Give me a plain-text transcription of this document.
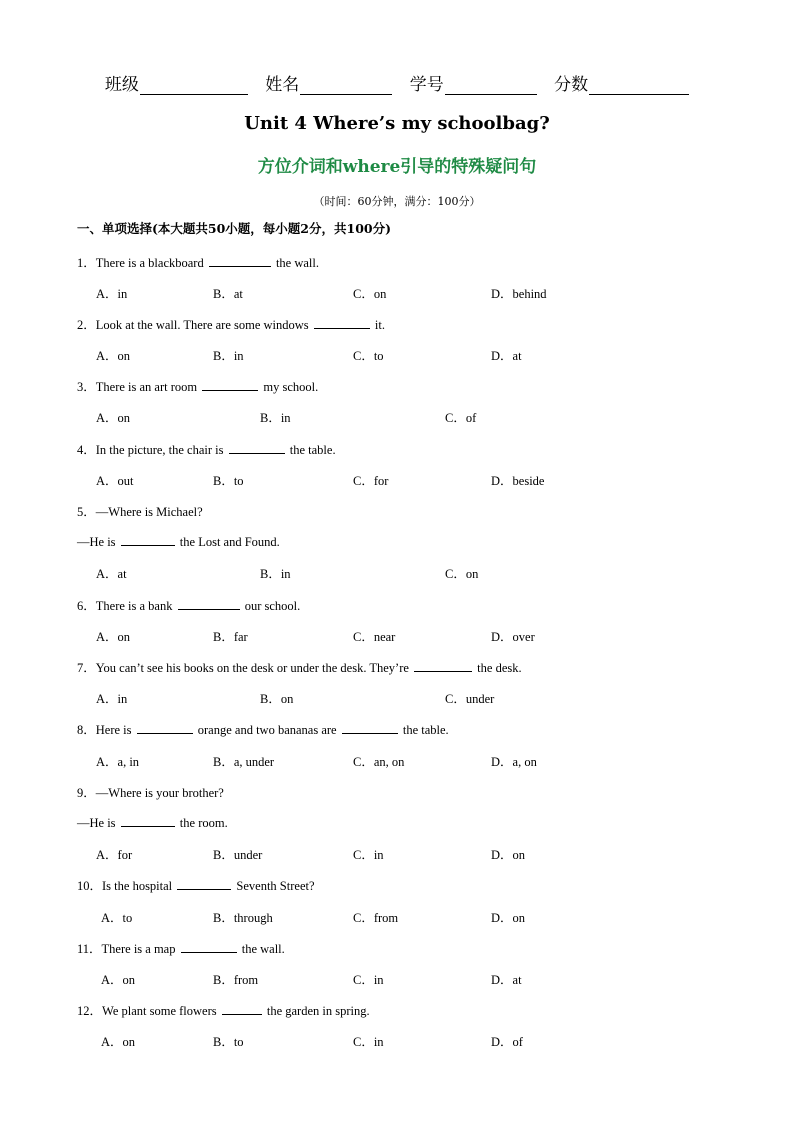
班级	姓名	学号	分数
Unit 4 Where’s my schoolbag?
方位介词和where引导的特殊疑问句
（时间：60分钟，满分：100分）
一、单项选择(本大题共50小题，每小题2分，共100分)
1．There is a blackboard	the wall.
A．in	B．at	C．on	D．behind
2．Look at the wall. There are some windows	it.
A．on	B．in	C．to	D．at
3．There is an art room	my school.
A．on	B．in	C．of
4．In the picture, the chair is	the table.
A．out	B．to	C．for	D．beside
5．—Where is Michael?
—He is	the Lost and Found.
A．at	B．in	C．on
6．There is a bank	our school.
A．on	B．far	C．near	D．over
7．You can’t see his books on the desk or under the desk. They’re	the desk.
A．in	B．on	C．under
8．Here is	orange and two bananas are	the table.
A．a, in	B．a, under	C．an, on	D．a, on
9．—Where is your brother?
—He is	the room.
A．for	B．under	C．in	D．on
10．Is the hospital	Seventh Street?
A．to	B．through	C．from	D．on
11．There is a map	the wall.
A．on	B．from	C．in	D．at
12．We plant some flowers	the garden in spring.
A．on	B．to	C．in	D．of
